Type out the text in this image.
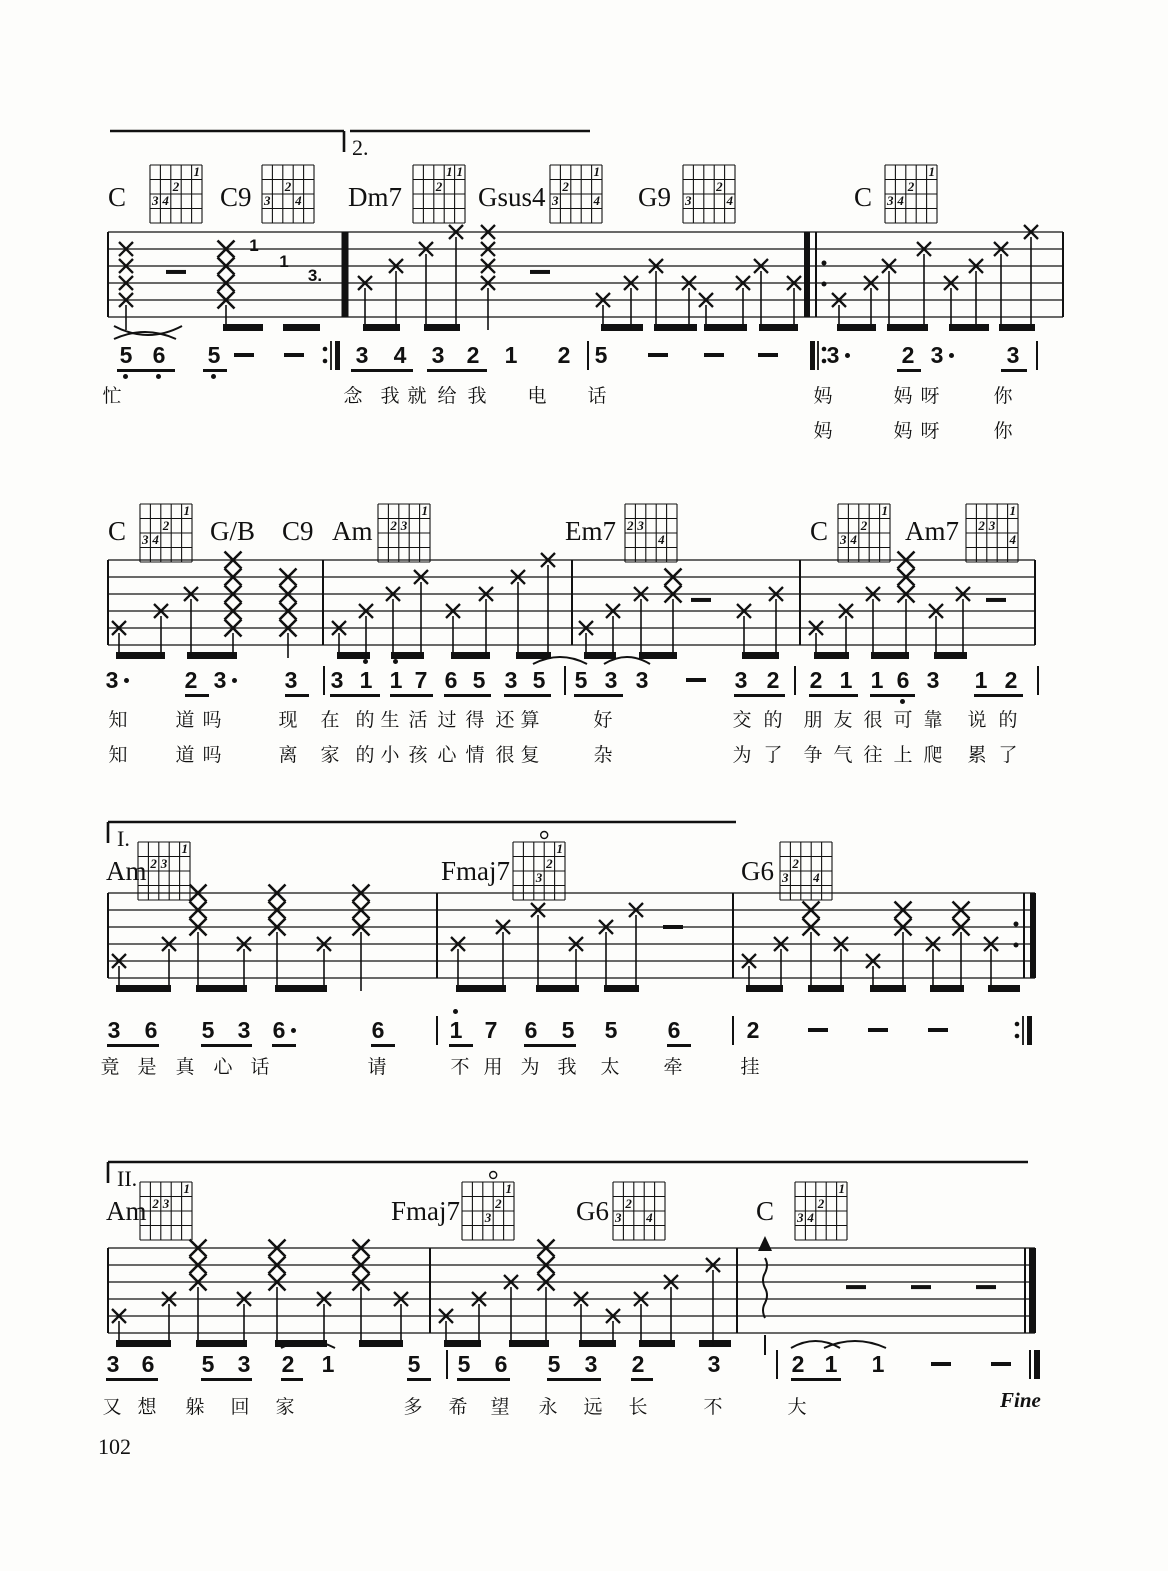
2.
I.
II.
C
1
2
3 4 C9	2
3 4 Dm7
1 1
2 Gsus4
1
2
3	4 G9	2
3	4	C
1
2
3 4
1
1
3.
5 6 5	3 4 3 2 1 2 5	3	2 3	3
忙	念 我 就 给 我 电 话	妈	妈 呀	你
妈	妈 呀	你
C
1
2
3 4 G/B C9 Am
1
2 3	Em7 2 3
4	C
1
2
3 4 Am7
1
2 3
4
3	2 3	3 3 1 1 7 6 5 3 5 5 3 3	3 2 2 1 1 6 3 1 2
知	道 吗	现 在 的 生 活 过 得 还 算	好	交 的 朋 友 很 可 靠 说 的
知	道 吗	离 家 的 小 孩 心 情 很 复	杂	为 了 争 气 往 上 爬 累 了
Am
1
2 3	Fmaj7
1
2
3	G6 2
3 4
3 6 5 3 6	6	1 7 6 5 5 6	2
竟 是 真 心 话	请	不 用 为 我 太 牵	挂
Am
1
2 3	Fmaj7
1
2
3	G6 2
3 4	C
1
2
3 4
3 6 5 3 2 1	5 5 6 5 3 2	3	2 1 1
又 想 躲 回 家	多 希 望 永 远 长	不	大
102
Fine
